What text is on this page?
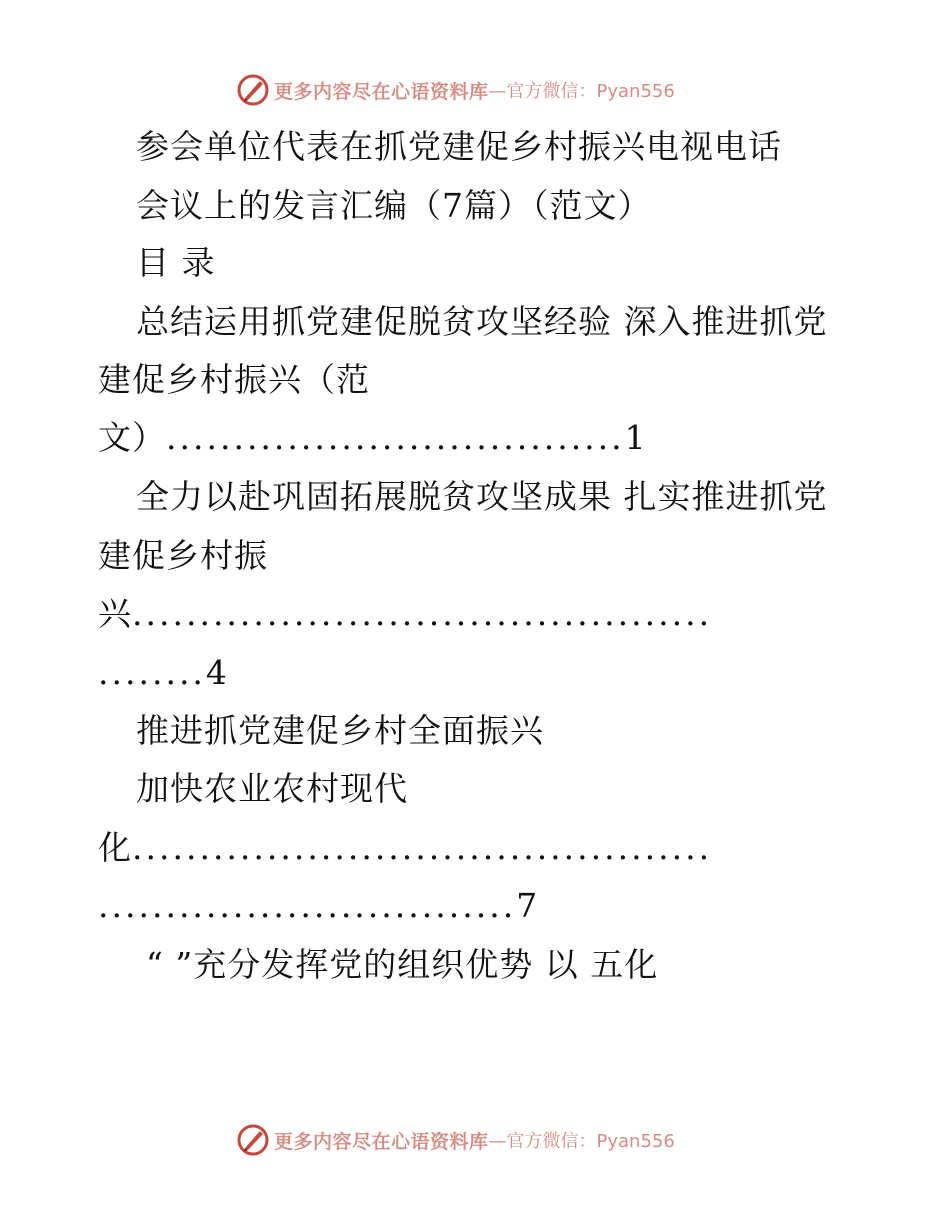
更多内容尽在心语资料库 —官方微信：Pyan556
参会单位代表在抓党建促乡村振兴电视电话
会议上的发言汇编（7篇）（范文）
目 录
总结运用抓党建促脱贫攻坚经验 深入推进抓党
建促乡村振兴（范
文）..................................1
全力以赴巩固拓展脱贫攻坚成果 扎实推进抓党
建促乡村振
兴...........................................
........4
推进抓党建促乡村全面振兴
加快农业农村现代
化...........................................
...............................7
“ ”充分发挥党的组织优势 以 五化
更多内容尽在心语资料库 —官方微信：Pyan556
